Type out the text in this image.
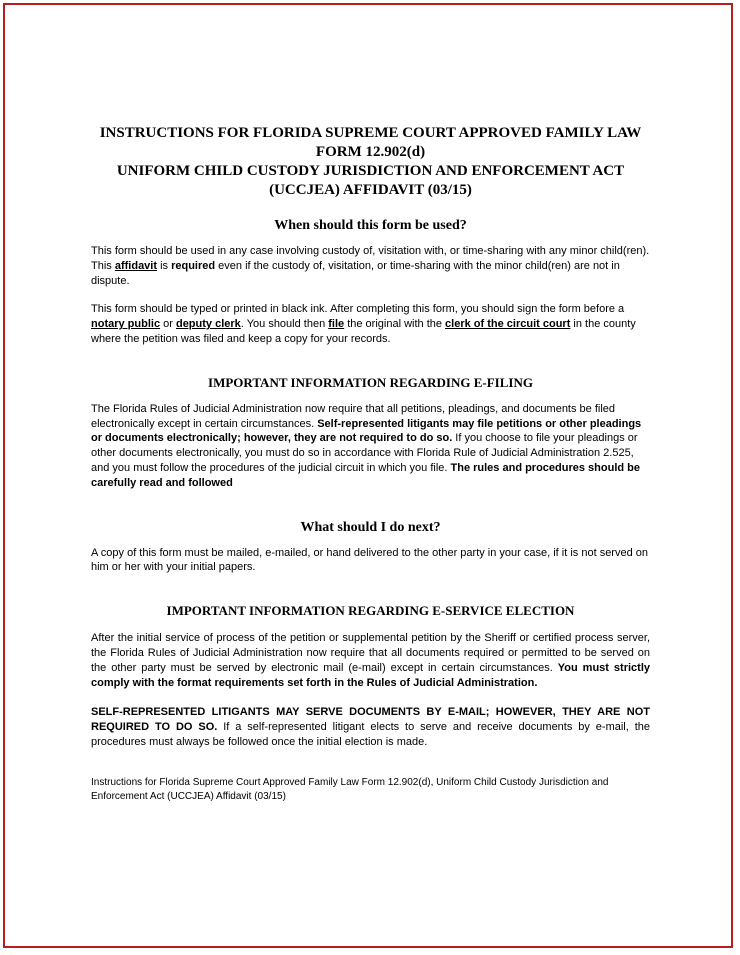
INSTRUCTIONS FOR FLORIDA SUPREME COURT APPROVED FAMILY LAW
FORM 12.902(d)
UNIFORM CHILD CUSTODY JURISDICTION AND ENFORCEMENT ACT
(UCCJEA) AFFIDAVIT (03/15)
When should this form be used?

This form should be used in any case involving custody of, visitation with, or time-sharing with any minor child(ren). This affidavit is required even if the custody of, visitation, or time-sharing with the minor child(ren) are not in dispute.

This form should be typed or printed in black ink. After completing this form, you should sign the form before a notary public or deputy clerk. You should then file the original with the clerk of the circuit court in the county where the petition was filed and keep a copy for your records.

IMPORTANT INFORMATION REGARDING E-FILING

The Florida Rules of Judicial Administration now require that all petitions, pleadings, and documents be filed electronically except in certain circumstances. Self-represented litigants may file petitions or other pleadings or documents electronically; however, they are not required to do so. If you choose to file your pleadings or other documents electronically, you must do so in accordance with Florida Rule of Judicial Administration 2.525, and you must follow the procedures of the judicial circuit in which you file. The rules and procedures should be carefully read and followed

What should I do next?

A copy of this form must be mailed, e-mailed, or hand delivered to the other party in your case, if it is not served on him or her with your initial papers.

IMPORTANT INFORMATION REGARDING E-SERVICE ELECTION

After the initial service of process of the petition or supplemental petition by the Sheriff or certified process server, the Florida Rules of Judicial Administration now require that all documents required or permitted to be served on the other party must be served by electronic mail (e-mail) except in certain circumstances. You must strictly comply with the format requirements set forth in the Rules of Judicial Administration.

SELF-REPRESENTED LITIGANTS MAY SERVE DOCUMENTS BY E-MAIL; HOWEVER, THEY ARE NOT REQUIRED TO DO SO. If a self-represented litigant elects to serve and receive documents by e-mail, the procedures must always be followed once the initial election is made.

Instructions for Florida Supreme Court Approved Family Law Form 12.902(d), Uniform Child Custody Jurisdiction and Enforcement Act (UCCJEA) Affidavit (03/15)
